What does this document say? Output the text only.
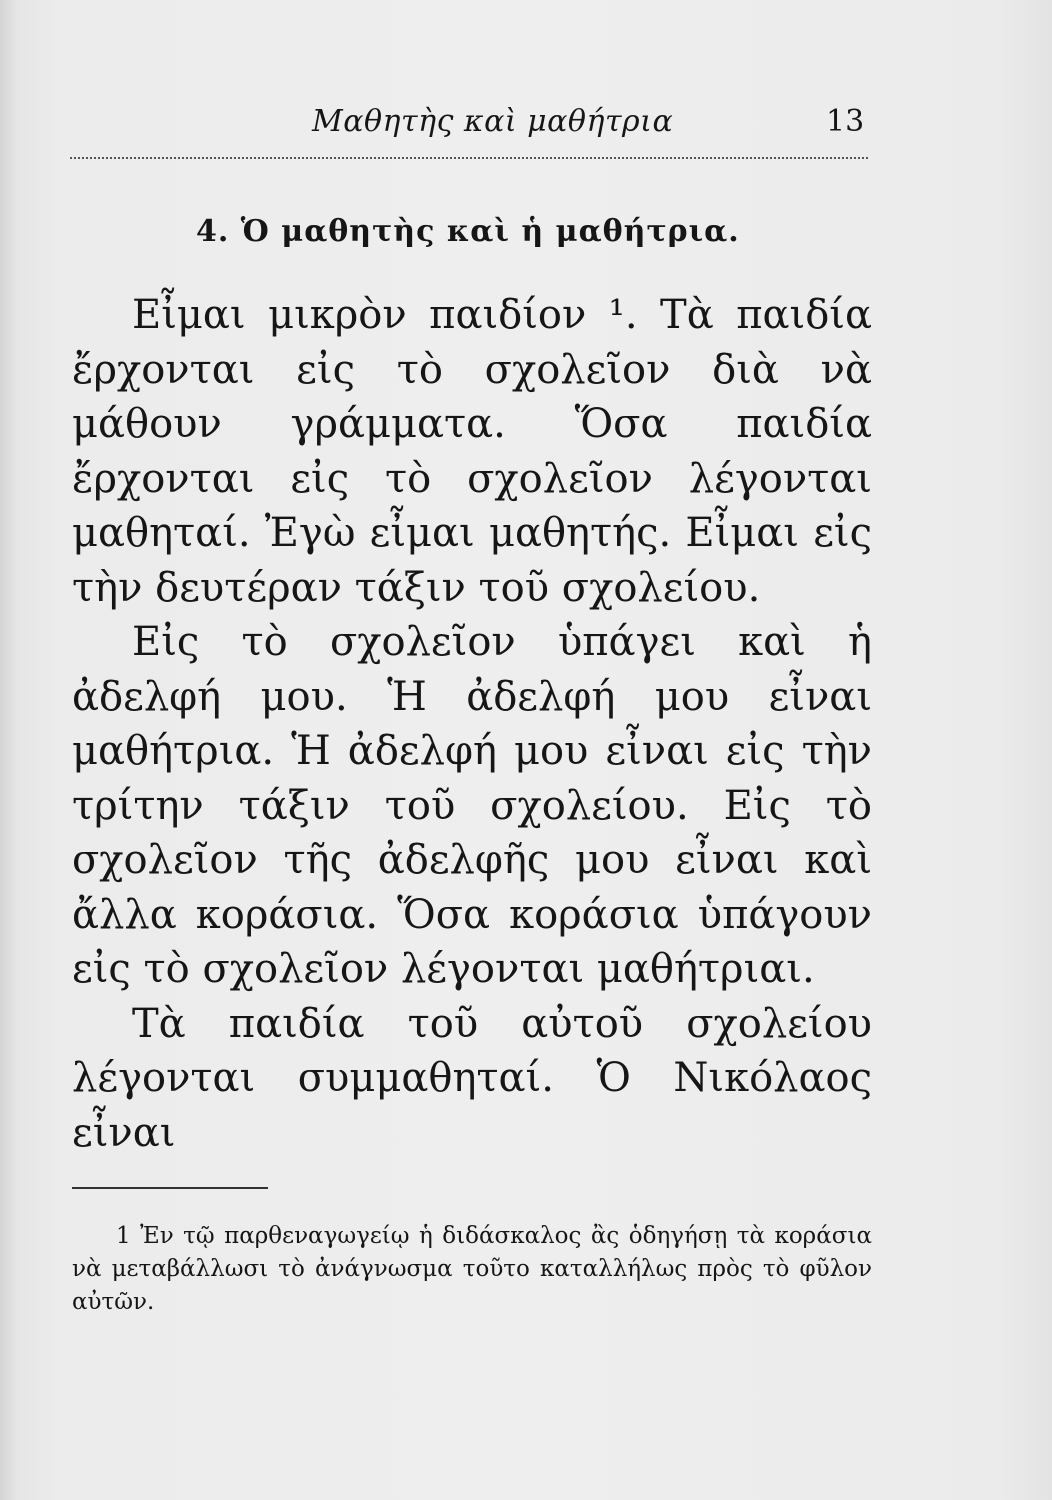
Μαθητὴς καὶ μαθήτρια	13
4. Ὁ μαθητὴς καὶ ἡ μαθήτρια.

Εἶμαι μικρὸν παιδίον ¹. Τὰ παιδία ἔρχονται εἰς τὸ σχολεῖον διὰ νὰ μάθουν γράμματα. Ὅσα παιδία ἔρχονται εἰς τὸ σχολεῖον λέγονται μαθηταί. Ἐγὼ εἶμαι μαθητής. Εἶμαι εἰς τὴν δευτέραν τάξιν τοῦ σχολείου.

Εἰς τὸ σχολεῖον ὑπάγει καὶ ἡ ἀδελφή μου. Ἡ ἀδελφή μου εἶναι μαθήτρια. Ἡ ἀδελφή μου εἶναι εἰς τὴν τρίτην τάξιν τοῦ σχολείου. Εἰς τὸ σχολεῖον τῆς ἀδελφῆς μου εἶναι καὶ ἄλλα κοράσια. Ὅσα κοράσια ὑπάγουν εἰς τὸ σχολεῖον λέγονται μαθήτριαι.

Τὰ παιδία τοῦ αὐτοῦ σχολείου λέγονται συμμαθηταί. Ὁ Νικόλαος εἶναι

1 Ἐν τῷ παρθεναγωγείῳ ἡ διδάσκαλος ἂς ὁδηγήσῃ τὰ κοράσια νὰ μεταβάλλωσι τὸ ἀνάγνωσμα τοῦτο καταλλήλως πρὸς τὸ φῦλον αὐτῶν.
